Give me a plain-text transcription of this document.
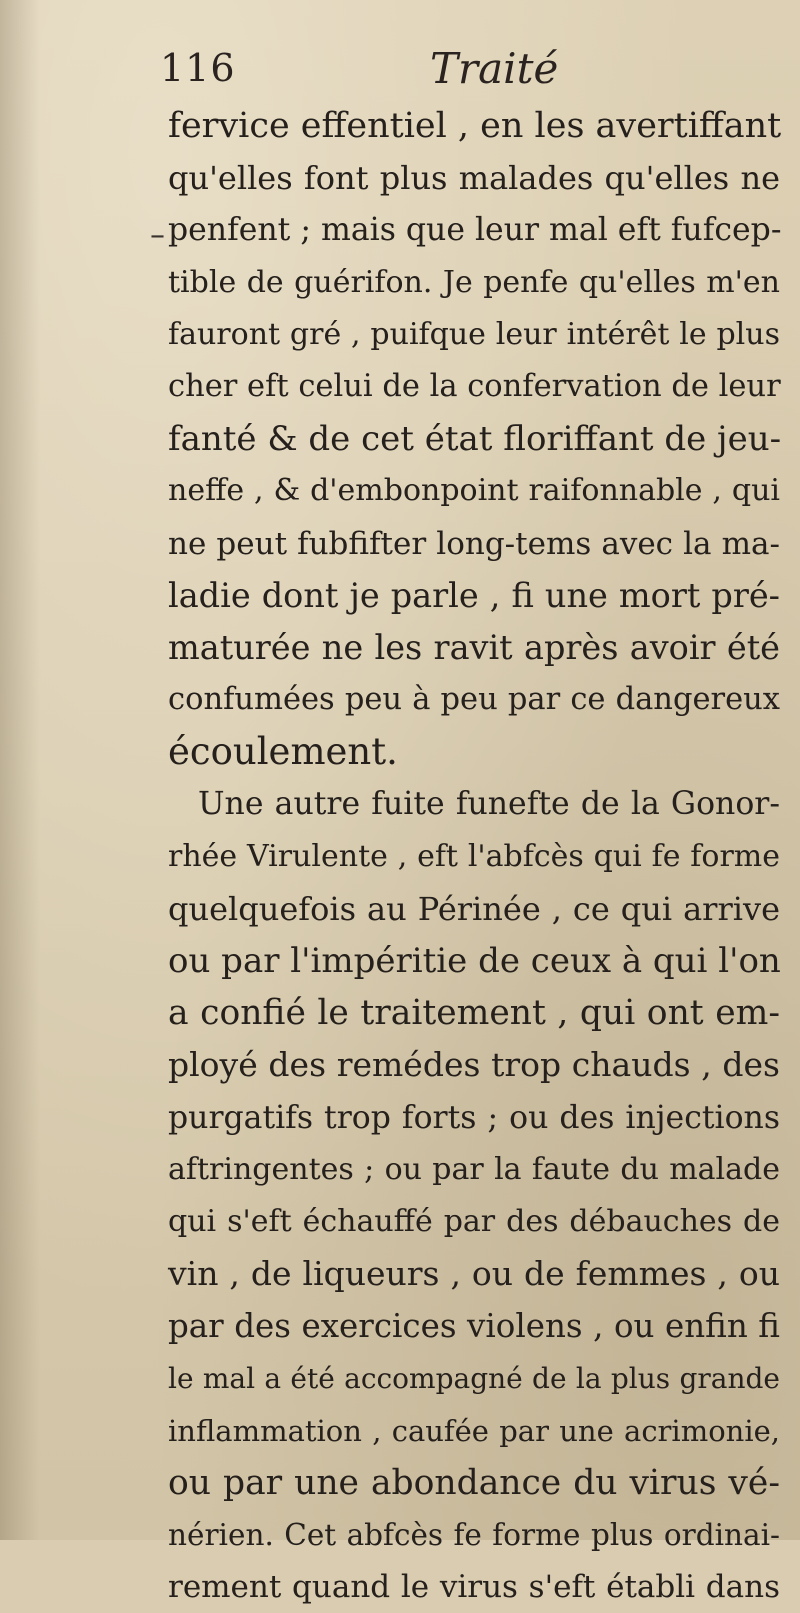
116	Traité
–
fervice effentiel , en les avertiffant
qu'elles font plus malades qu'elles ne
penfent ; mais que leur mal eft fufcep-
tible de guérifon. Je penfe qu'elles m'en
fauront gré , puifque leur intérêt le plus
cher eft celui de la confervation de leur
fanté & de cet état floriffant de jeu-
neffe , & d'embonpoint raifonnable , qui
ne peut fubfifter long-tems avec la ma-
ladie dont je parle , fi une mort pré-
maturée ne les ravit après avoir été
confumées peu à peu par ce dangereux
écoulement.
Une autre fuite funefte de la Gonor-
rhée Virulente , eft l'abfcès qui fe forme
quelquefois au Périnée , ce qui arrive
ou par l'impéritie de ceux à qui l'on
a confié le traitement , qui ont em-
ployé des remédes trop chauds , des
purgatifs trop forts ; ou des injections
aftringentes ; ou par la faute du malade
qui s'eft échauffé par des débauches de
vin , de liqueurs , ou de femmes , ou
par des exercices violens , ou enfin fi
le mal a été accompagné de la plus grande
inflammation , caufée par une acrimonie,
ou par une abondance du virus vé-
nérien. Cet abfcès fe forme plus ordinai-
rement quand le virus s'eft établi dans
